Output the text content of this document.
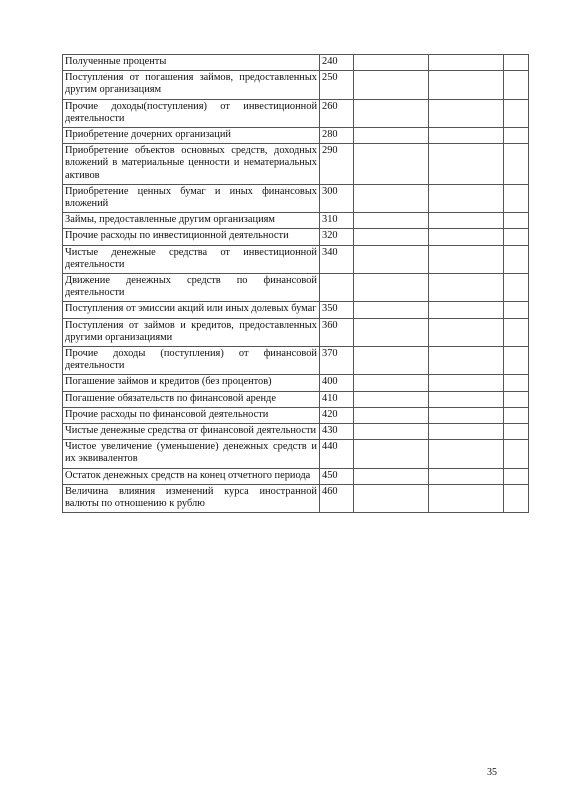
Полученные проценты	240			
Поступления от погашения займов, предоставленных другим организациям	250			
Прочие доходы(поступления) от инвестиционной деятельности	260			
Приобретение дочерних организаций	280			
Приобретение объектов основных средств, доходных вложений в материальные ценности и нематериальных активов	290			
Приобретение ценных бумаг и иных финансовых вложений	300			
Займы, предоставленные другим организациям	310			
Прочие расходы по инвестиционной деятельности	320			
Чистые денежные средства от инвестиционной деятельности	340			
Движение денежных средств по финансовой деятельности				
Поступления от эмиссии акций или иных долевых бумаг	350			
Поступления от займов и кредитов, предоставленных другими организациями	360			
Прочие доходы (поступления) от финансовой деятельности	370			
Погашение займов и кредитов (без процентов)	400			
Погашение обязательств по финансовой аренде	410			
Прочие расходы по финансовой деятельности	420			
Чистые денежные средства от финансовой деятельности	430			
Чистое увеличение (уменьшение) денежных средств и их эквивалентов	440			
Остаток денежных средств на конец отчетного периода	450			
Величина влияния изменений курса иностранной валюты по отношению к рублю	460			
35
